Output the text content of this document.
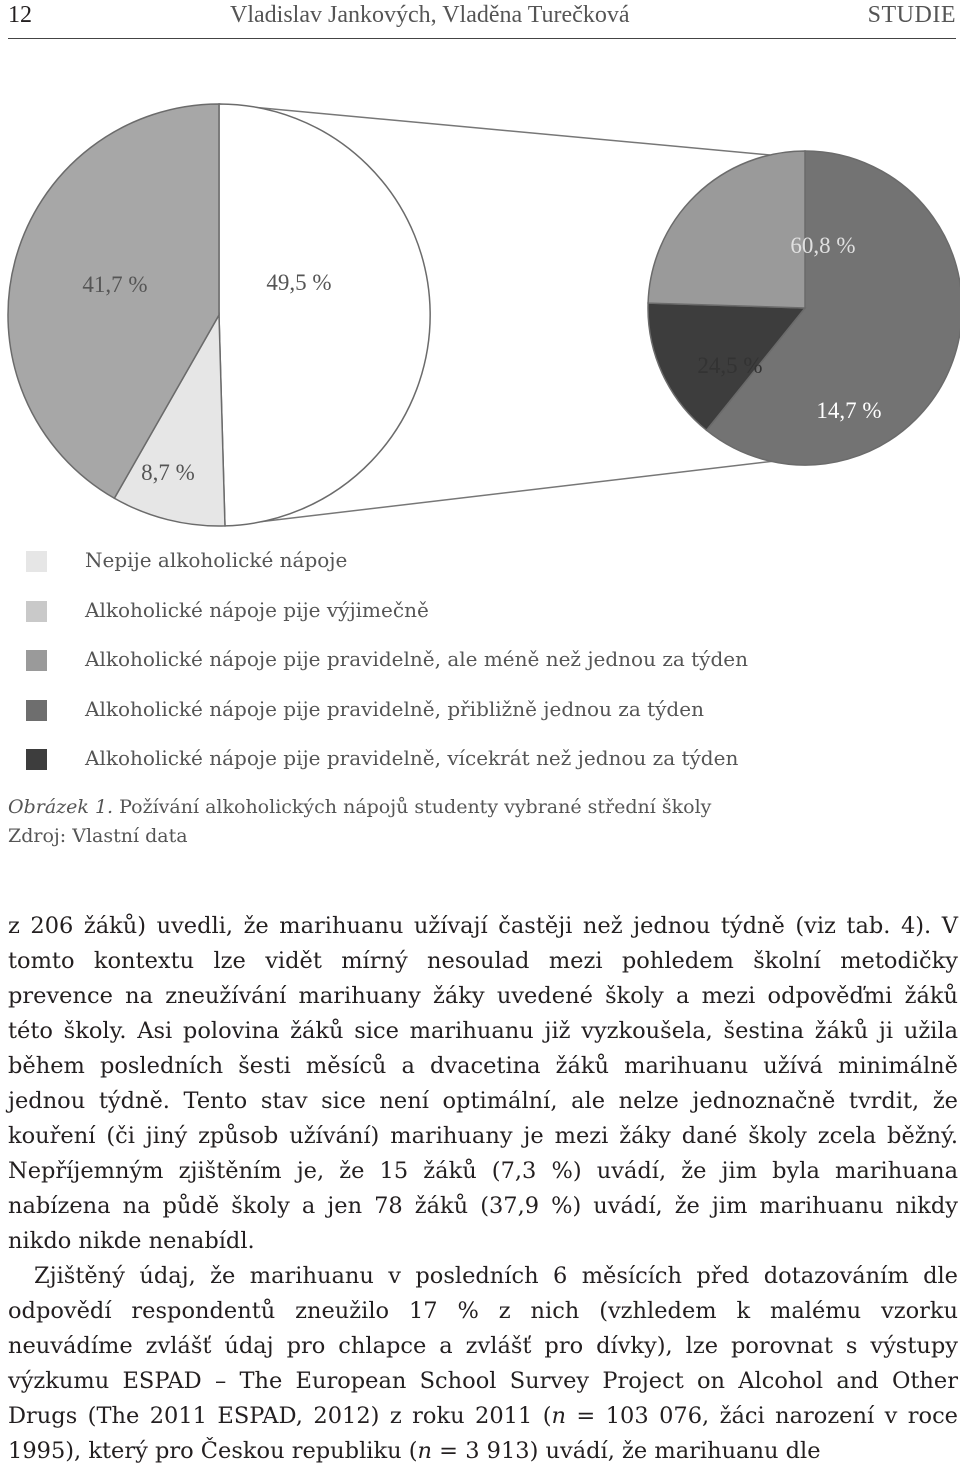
12	Vladislav Jankových, Vladěna Turečková	STUDIE
49,5 %
8,7 %
41,7 %
60,8 %
14,7 %
24,5 %
Nepije alkoholické nápoje
Alkoholické nápoje pije výjimečně
Alkoholické nápoje pije pravidelně, ale méně než jednou za týden
Alkoholické nápoje pije pravidelně, přibližně jednou za týden
Alkoholické nápoje pije pravidelně, vícekrát než jednou za týden
Obrázek 1. Požívání alkoholických nápojů studenty vybrané střední školy
Zdroj: Vlastní data

z 206 žáků) uvedli, že marihuanu užívají častěji než jednou týdně (viz tab. 4). V tomto kontextu lze vidět mírný nesoulad mezi pohledem školní metodičky prevence na zneužívání marihuany žáky uvedené školy a mezi odpověďmi žáků této školy. Asi polovina žáků sice marihuanu již vyzkoušela, šestina žáků ji užila během posledních šesti měsíců a dvacetina žáků marihuanu užívá minimálně jednou týdně. Tento stav sice není optimální, ale nelze jednoznačně tvrdit, že kouření (či jiný způsob užívání) marihuany je mezi žáky dané školy zcela běžný. Nepříjemným zjištěním je, že 15 žáků (7,3 %) uvádí, že jim byla marihuana nabízena na půdě školy a jen 78 žáků (37,9 %) uvádí, že jim marihuanu nikdy nikdo nikde nenabídl.

Zjištěný údaj, že marihuanu v posledních 6 měsících před dotazováním dle odpovědí respondentů zneužilo 17 % z nich (vzhledem k malému vzorku neuvádíme zvlášť údaj pro chlapce a zvlášť pro dívky), lze porovnat s výstupy výzkumu ESPAD – The European School Survey Project on Alcohol and Other Drugs (The 2011 ESPAD, 2012) z roku 2011 (n = 103 076, žáci narození v roce 1995), který pro Českou republiku (n = 3 913) uvádí, že marihuanu dle
